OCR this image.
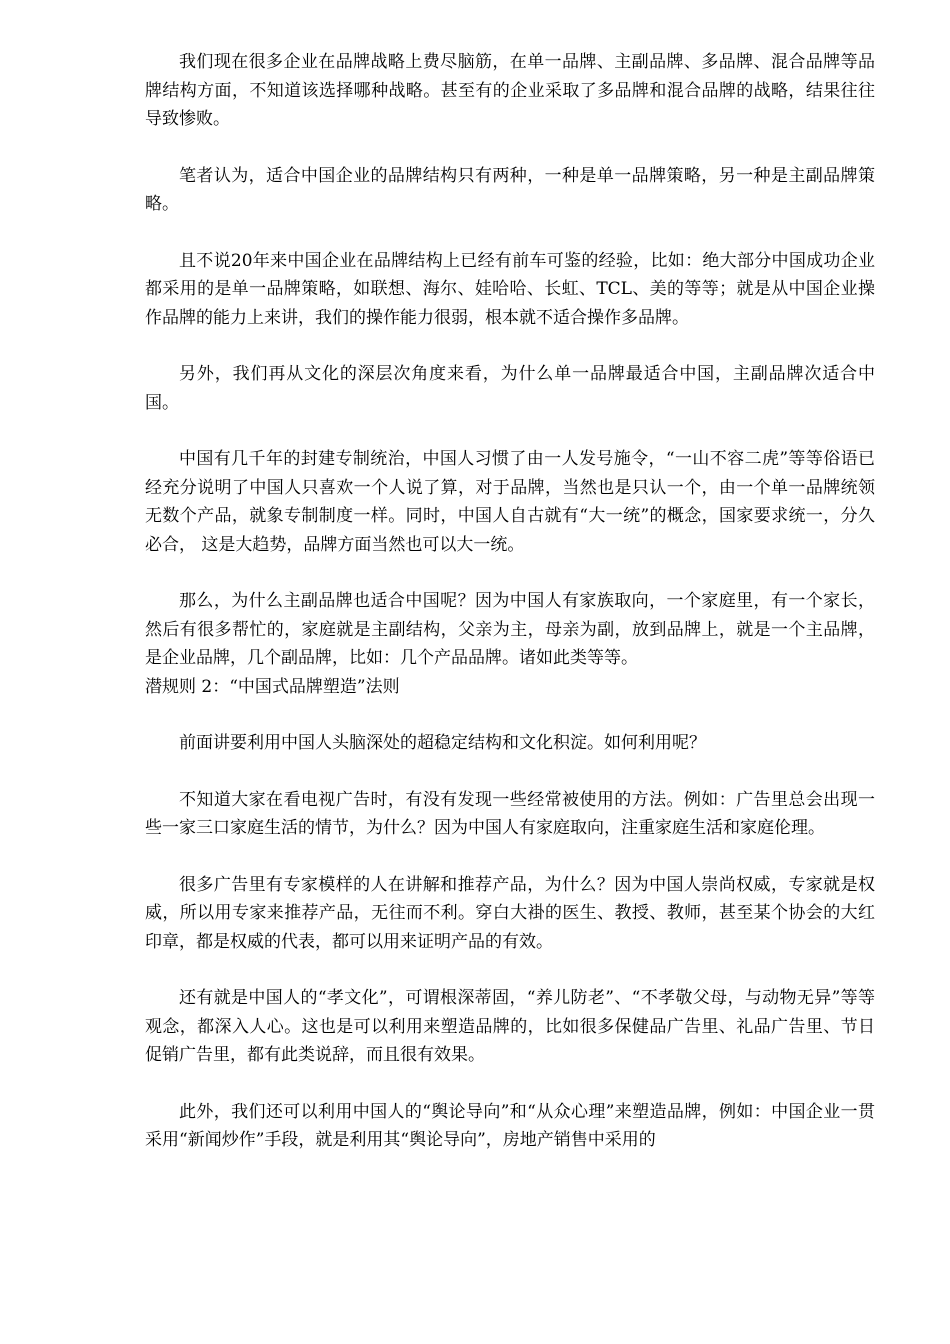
我们现在很多企业在品牌战略上费尽脑筋，在单一品牌、主副品牌、多品牌、混合品牌等品牌结构方面，不知道该选择哪种战略。甚至有的企业采取了多品牌和混合品牌的战略，结果往往导致惨败。

笔者认为，适合中国企业的品牌结构只有两种，一种是单一品牌策略，另一种是主副品牌策略。

且不说20年来中国企业在品牌结构上已经有前车可鉴的经验，比如：绝大部分中国成功企业都采用的是单一品牌策略，如联想、海尔、娃哈哈、长虹、TCL、美的等等；就是从中国企业操作品牌的能力上来讲，我们的操作能力很弱，根本就不适合操作多品牌。

另外，我们再从文化的深层次角度来看，为什么单一品牌最适合中国，主副品牌次适合中国。

中国有几千年的封建专制统治，中国人习惯了由一人发号施令，“一山不容二虎”等等俗语已经充分说明了中国人只喜欢一个人说了算，对于品牌，当然也是只认一个，由一个单一品牌统领无数个产品，就象专制制度一样。同时，中国人自古就有“大一统”的概念，国家要求统一，分久必合， 这是大趋势，品牌方面当然也可以大一统。

那么，为什么主副品牌也适合中国呢？因为中国人有家族取向，一个家庭里，有一个家长，然后有很多帮忙的，家庭就是主副结构，父亲为主，母亲为副，放到品牌上，就是一个主品牌，是企业品牌，几个副品牌，比如：几个产品品牌。诸如此类等等。
潜规则 2：“中国式品牌塑造”法则

前面讲要利用中国人头脑深处的超稳定结构和文化积淀。如何利用呢？

不知道大家在看电视广告时，有没有发现一些经常被使用的方法。例如：广告里总会出现一些一家三口家庭生活的情节，为什么？因为中国人有家庭取向，注重家庭生活和家庭伦理。

很多广告里有专家模样的人在讲解和推荐产品，为什么？因为中国人崇尚权威，专家就是权威，所以用专家来推荐产品，无往而不利。穿白大褂的医生、教授、教师，甚至某个协会的大红印章，都是权威的代表，都可以用来证明产品的有效。

还有就是中国人的“孝文化”，可谓根深蒂固，“养儿防老”、“不孝敬父母，与动物无异”等等观念，都深入人心。这也是可以利用来塑造品牌的，比如很多保健品广告里、礼品广告里、节日促销广告里，都有此类说辞，而且很有效果。

此外，我们还可以利用中国人的“舆论导向”和“从众心理”来塑造品牌，例如：中国企业一贯采用“新闻炒作”手段，就是利用其“舆论导向”，房地产销售中采用的
